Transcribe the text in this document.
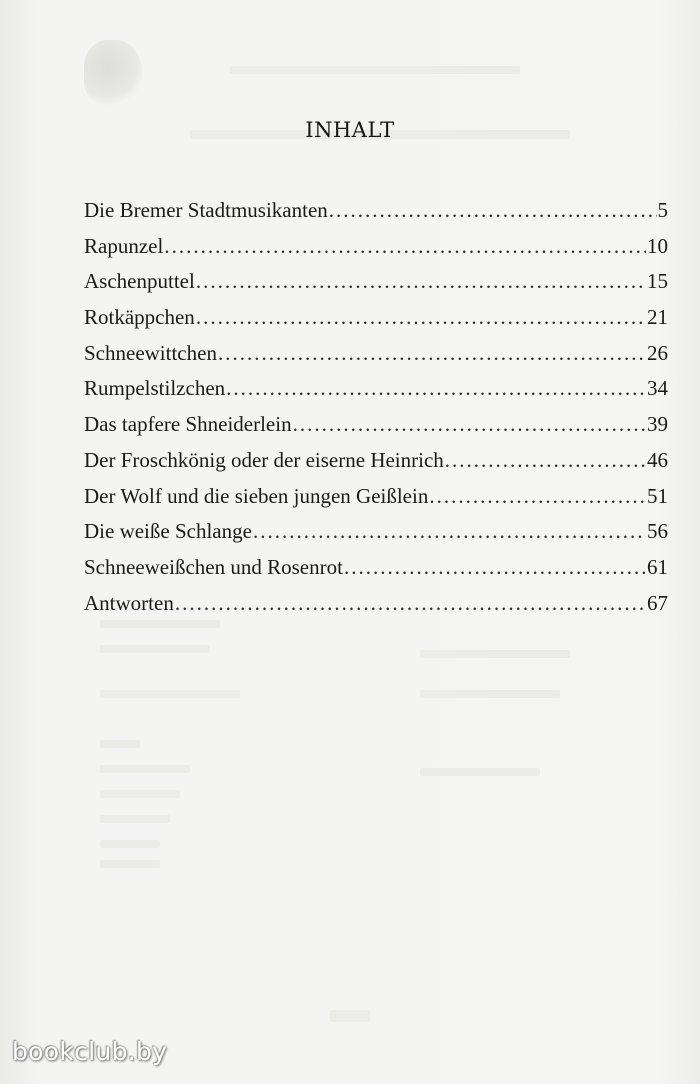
INHALT
Die Bremer Stadtmusikanten .....	5
Rapunzel .....	10
Aschenputtel .....	15
Rotkäppchen .....	21
Schneewittchen .....	26
Rumpelstilzchen .....	34
Das tapfere Shneiderlein .....	39
Der Froschkönig oder der eiserne Heinrich .....	46
Der Wolf und die sieben jungen Geißlein .....	51
Die weiße Schlange .....	56
Schneeweißchen und Rosenrot .....	61
Antworten .....	67
bookclub.by
